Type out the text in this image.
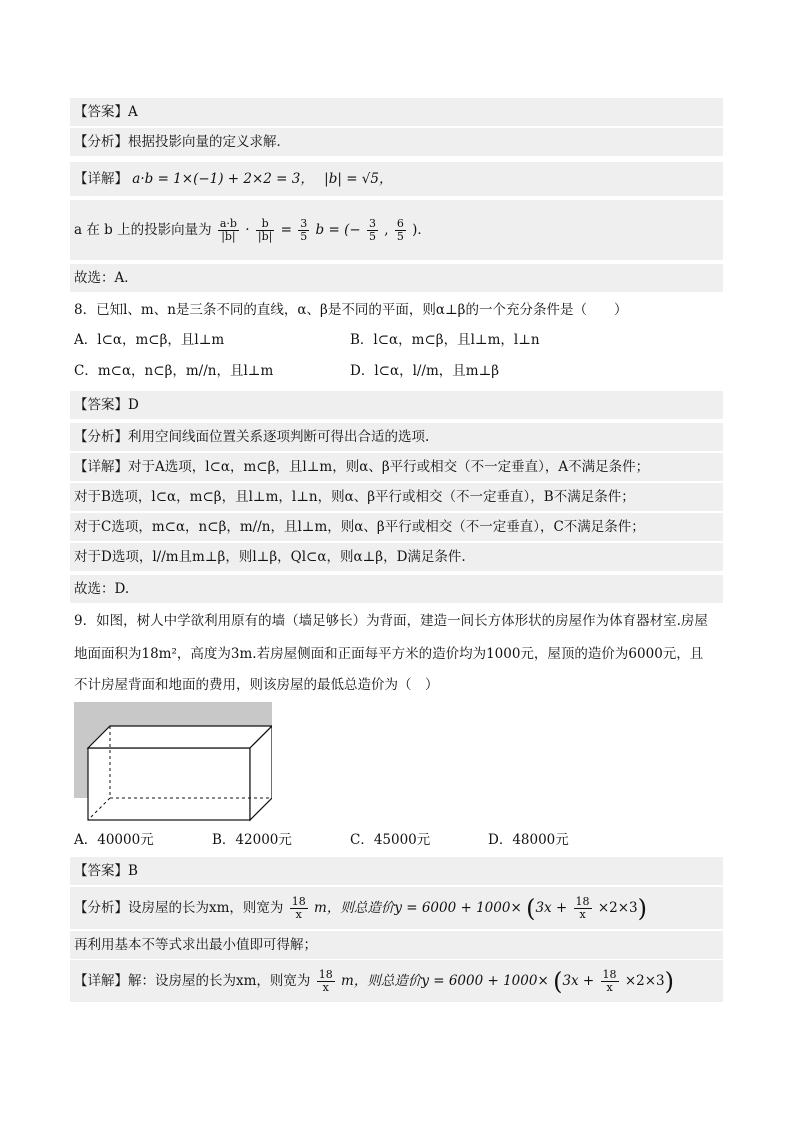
【答案】A
【分析】根据投影向量的定义求解．
【详解】 a·b = 1×(−1) + 2×2 = 3， |b| = √5，
a 在 b 上的投影向量为 $\frac{a\cdot b}{|b|} \cdot \frac{b}{|b|} = \frac{3}{5}$ b = (− $\frac{3}{5}$ , $\frac{6}{5}$ )．
故选：A．
8．已知l、m、n是三条不同的直线，α、β是不同的平面，则α⊥β的一个充分条件是（　　）
A．l⊂α，m⊂β，且l⊥m	B．l⊂α，m⊂β，且l⊥m，l⊥n
C．m⊂α，n⊂β，m//n，且l⊥m	D．l⊂α，l//m，且m⊥β
【答案】D
【分析】利用空间线面位置关系逐项判断可得出合适的选项.
【详解】对于A选项，l⊂α，m⊂β，且l⊥m，则α、β平行或相交（不一定垂直），A不满足条件；
对于B选项，l⊂α，m⊂β，且l⊥m，l⊥n，则α、β平行或相交（不一定垂直），B不满足条件；
对于C选项，m⊂α，n⊂β，m//n，且l⊥m，则α、β平行或相交（不一定垂直），C不满足条件；
对于D选项，l//m且m⊥β，则l⊥β，Ql⊂α，则α⊥β，D满足条件.
故选：D.
9．如图，树人中学欲利用原有的墙（墙足够长）为背面，建造一间长方体形状的房屋作为体育器材室.房屋
地面面积为18m²，高度为3m.若房屋侧面和正面每平方米的造价均为1000元，屋顶的造价为6000元，且
不计房屋背面和地面的费用，则该房屋的最低总造价为（　）
A．40000元	B．42000元	C．45000元	D．48000元
【答案】B
【分析】设房屋的长为xm，则宽为 $\frac{18}{x}$ m，则总造价$y = 6000 + 1000\times (3x + \frac{18}{x} \times 2\times 3)$
再利用基本不等式求出最小值即可得解；
【详解】解：设房屋的长为xm，则宽为 $\frac{18}{x}$ m，则总造价$y = 6000 + 1000\times (3x + \frac{18}{x} \times 2\times 3)$
